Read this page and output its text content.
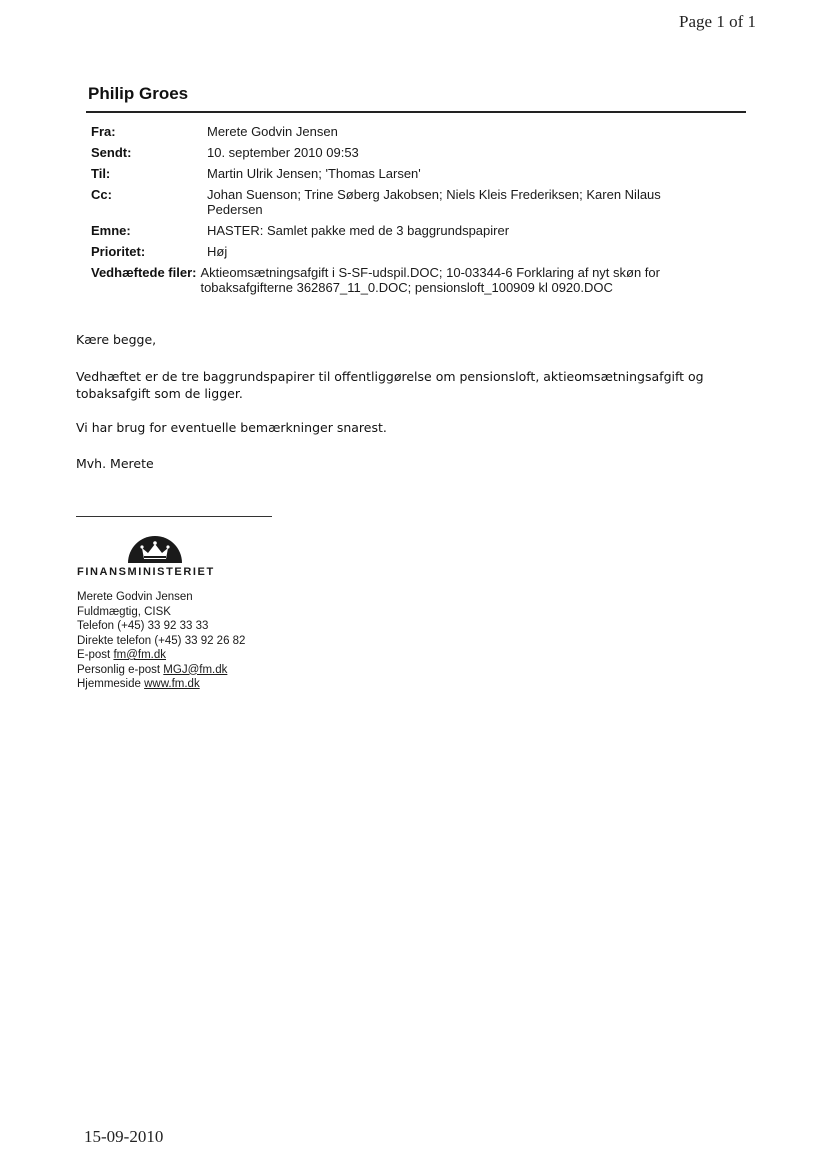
Page 1 of 1
Philip Groes
Fra:	Merete Godvin Jensen
Sendt:	10. september 2010 09:53
Til:	Martin Ulrik Jensen; 'Thomas Larsen'
Cc:	Johan Suenson; Trine Søberg Jakobsen; Niels Kleis Frederiksen; Karen Nilaus Pedersen
Emne:	HASTER: Samlet pakke med de 3 baggrundspapirer
Prioritet:	Høj
Vedhæftede filer: Aktieomsætningsafgift i S-SF-udspil.DOC; 10-03344-6 Forklaring af nyt skøn for tobaksafgifterne 362867_11_0.DOC; pensionsloft_100909 kl 0920.DOC
Kære begge,
Vedhæftet er de tre baggrundspapirer til offentliggørelse om pensionsloft, aktieomsætningsafgift og tobaksafgift som de ligger.
Vi har brug for eventuelle bemærkninger snarest.
Mvh. Merete
FINANSMINISTERIET
Merete Godvin Jensen
Fuldmægtig, CISK
Telefon (+45) 33 92 33 33
Direkte telefon (+45) 33 92 26 82
E-post fm@fm.dk
Personlig e-post MGJ@fm.dk
Hjemmeside www.fm.dk
15-09-2010
